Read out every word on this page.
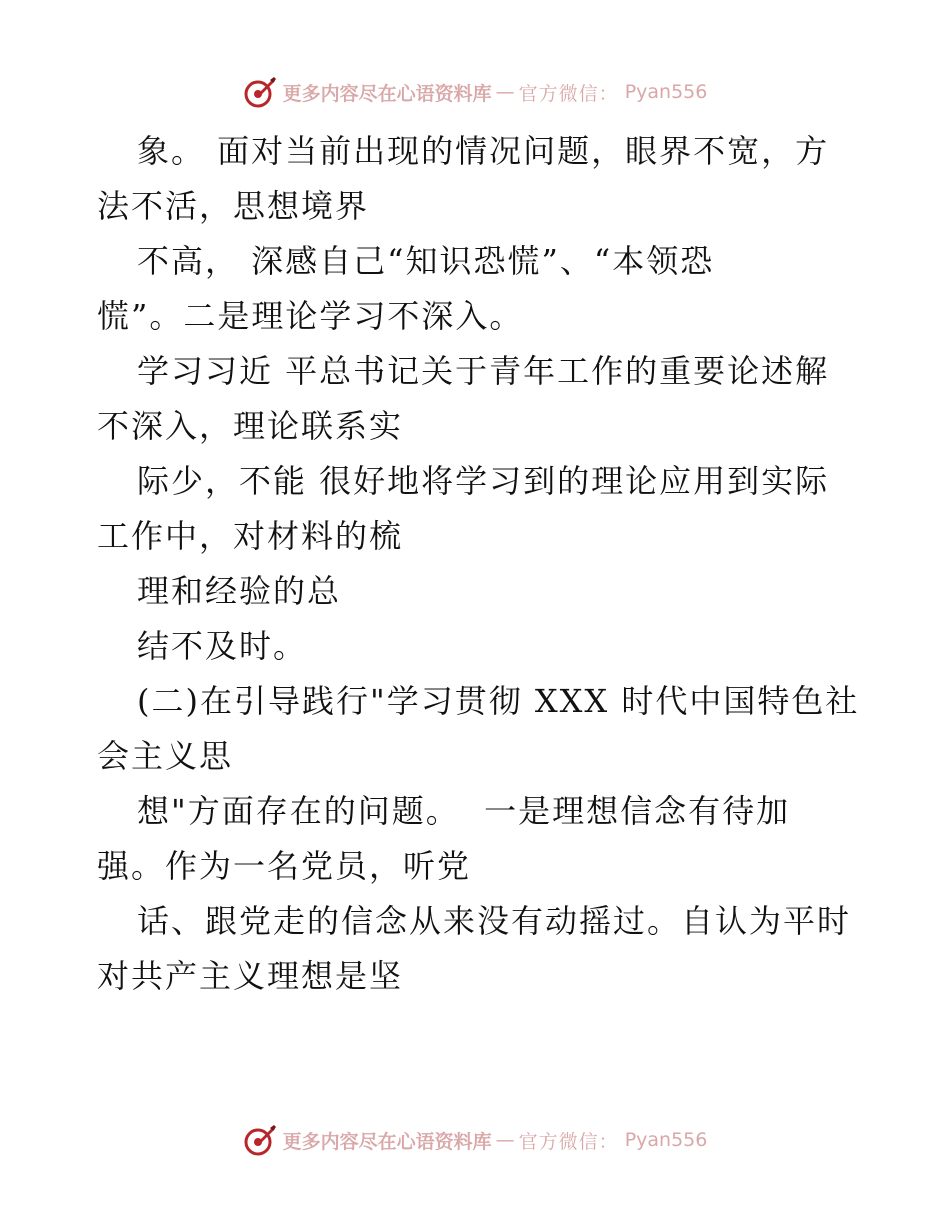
更多内容尽在心语资料库 — 官方微信： Pyan556
象。 面对当前出现的情况问题，眼界不宽，方
法不活，思想境界
不高， 深感自己“知识恐慌”、“本领恐
慌”。二是理论学习不深入。
学习习近 平总书记关于青年工作的重要论述解
不深入，理论联系实
际少，不能 很好地将学习到的理论应用到实际
工作中，对材料的梳
理和经验的总
结不及时。
(二)在引导践行"学习贯彻 XXX 时代中国特色社
会主义思
想"方面存在的问题。  一是理想信念有待加
强。作为一名党员，听党
话、跟党走的信念从来没有动摇过。自认为平时
对共产主义理想是坚
更多内容尽在心语资料库 — 官方微信： Pyan556
